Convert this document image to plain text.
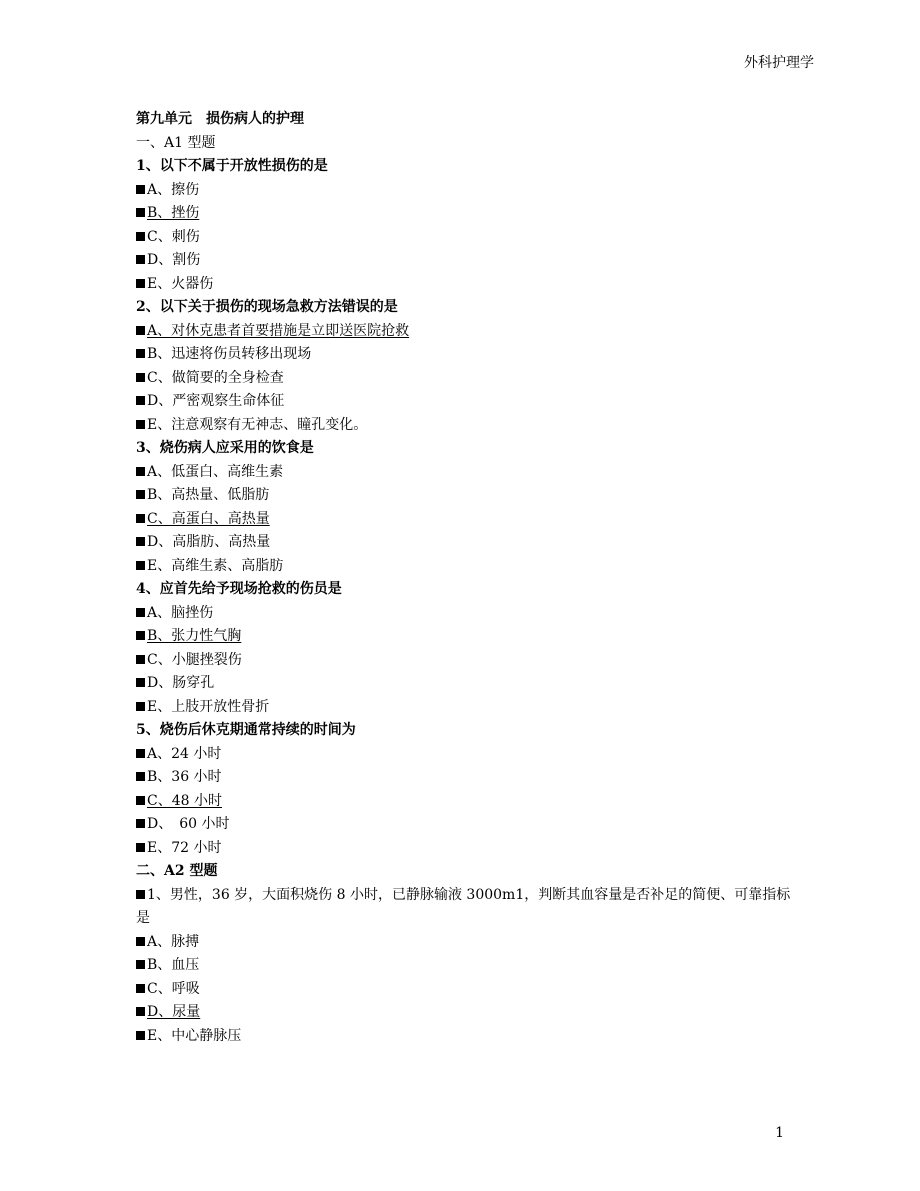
外科护理学
第九单元　损伤病人的护理
一、A1 型题
1、以下不属于开放性损伤的是
A、擦伤
B、挫伤
C、刺伤
D、割伤
E、火器伤
2、以下关于损伤的现场急救方法错误的是
A、对休克患者首要措施是立即送医院抢救
B、迅速将伤员转移出现场
C、做简要的全身检查
D、严密观察生命体征
E、注意观察有无神志、瞳孔变化。
3、烧伤病人应采用的饮食是
A、低蛋白、高维生素
B、高热量、低脂肪
C、高蛋白、高热量
D、高脂肪、高热量
E、高维生素、高脂肪
4、应首先给予现场抢救的伤员是
A、脑挫伤
B、张力性气胸
C、小腿挫裂伤
D、肠穿孔
E、上肢开放性骨折
5、烧伤后休克期通常持续的时间为
A、24 小时
B、36 小时
C、48 小时
D、　60 小时
E、72 小时
二、A2 型题
1、男性，36 岁，大面积烧伤 8 小时，已静脉输液 3000m1，判断其血容量是否补足的简便、可靠指标是
A、脉搏
B、血压
C、呼吸
D、尿量
E、中心静脉压
1
